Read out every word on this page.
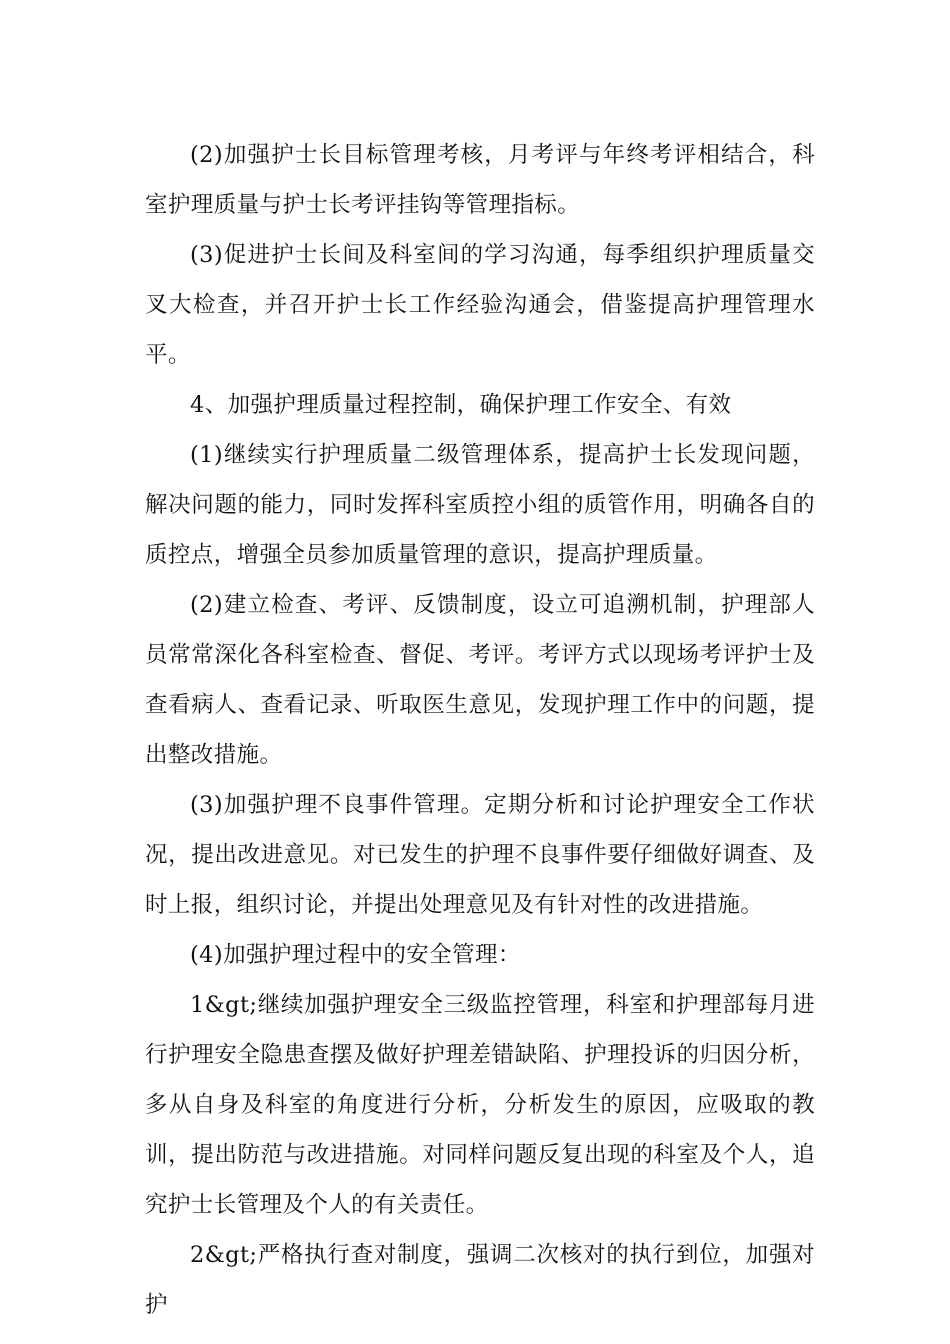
(2)加强护士长目标管理考核，月考评与年终考评相结合，科室护理质量与护士长考评挂钩等管理指标。

(3)促进护士长间及科室间的学习沟通，每季组织护理质量交叉大检查，并召开护士长工作经验沟通会，借鉴提高护理管理水平。

4、加强护理质量过程控制，确保护理工作安全、有效

(1)继续实行护理质量二级管理体系，提高护士长发现问题，解决问题的能力，同时发挥科室质控小组的质管作用，明确各自的质控点，增强全员参加质量管理的意识，提高护理质量。

(2)建立检查、考评、反馈制度，设立可追溯机制，护理部人员常常深化各科室检查、督促、考评。考评方式以现场考评护士及查看病人、查看记录、听取医生意见，发现护理工作中的问题，提出整改措施。

(3)加强护理不良事件管理。定期分析和讨论护理安全工作状况，提出改进意见。对已发生的护理不良事件要仔细做好调查、及时上报，组织讨论，并提出处理意见及有针对性的改进措施。

(4)加强护理过程中的安全管理：

1&gt;继续加强护理安全三级监控管理，科室和护理部每月进行护理安全隐患查摆及做好护理差错缺陷、护理投诉的归因分析，多从自身及科室的角度进行分析，分析发生的原因，应吸取的教训，提出防范与改进措施。对同样问题反复出现的科室及个人，追究护士长管理及个人的有关责任。

2&gt;严格执行查对制度，强调二次核对的执行到位，加强对护
